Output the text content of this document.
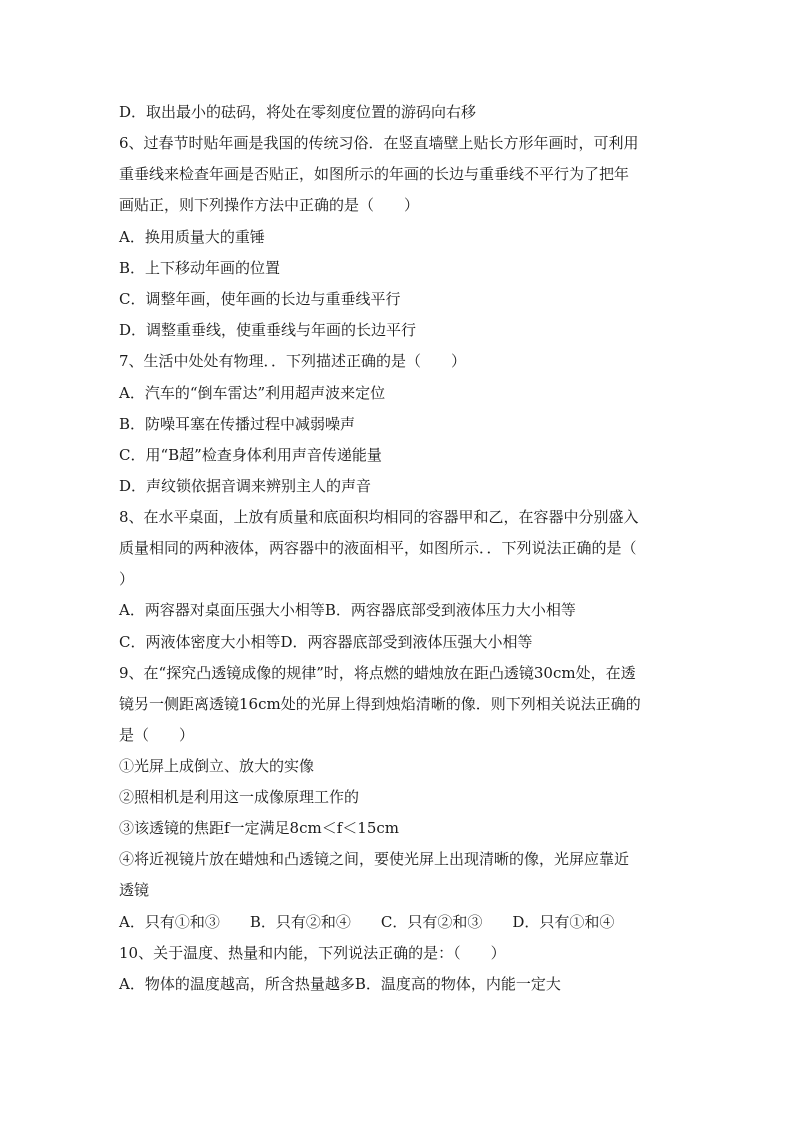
D．取出最小的砝码，将处在零刻度位置的游码向右移
6、过春节时贴年画是我国的传统习俗．在竖直墙壁上贴长方形年画时，可利用
重垂线来检查年画是否贴正，如图所示的年画的长边与重垂线不平行为了把年
画贴正，则下列操作方法中正确的是（　　）
A．换用质量大的重锤
B．上下移动年画的位置
C．调整年画，使年画的长边与重垂线平行
D．调整重垂线，使重垂线与年画的长边平行
7、生活中处处有物理．．下列描述正确的是（　　）
A．汽车的“倒车雷达”利用超声波来定位
B．防噪耳塞在传播过程中减弱噪声
C．用“B超”检查身体利用声音传递能量
D．声纹锁依据音调来辨别主人的声音
8、在水平桌面，上放有质量和底面积均相同的容器甲和乙，在容器中分别盛入
质量相同的两种液体，两容器中的液面相平，如图所示．．下列说法正确的是（
）
A．两容器对桌面压强大小相等B．两容器底部受到液体压力大小相等
C．两液体密度大小相等D．两容器底部受到液体压强大小相等
9、在“探究凸透镜成像的规律”时，将点燃的蜡烛放在距凸透镜30cm处，在透
镜另一侧距离透镜16cm处的光屏上得到烛焰清晰的像．则下列相关说法正确的
是（　　）
①光屏上成倒立、放大的实像
②照相机是利用这一成像原理工作的
③该透镜的焦距f一定满足8cm＜f＜15cm
④将近视镜片放在蜡烛和凸透镜之间，要使光屏上出现清晰的像，光屏应靠近
透镜
A．只有①和③　　B．只有②和④　　C．只有②和③　　D．只有①和④
10、关于温度、热量和内能，下列说法正确的是：（　　）
A．物体的温度越高，所含热量越多B．温度高的物体，内能一定大
